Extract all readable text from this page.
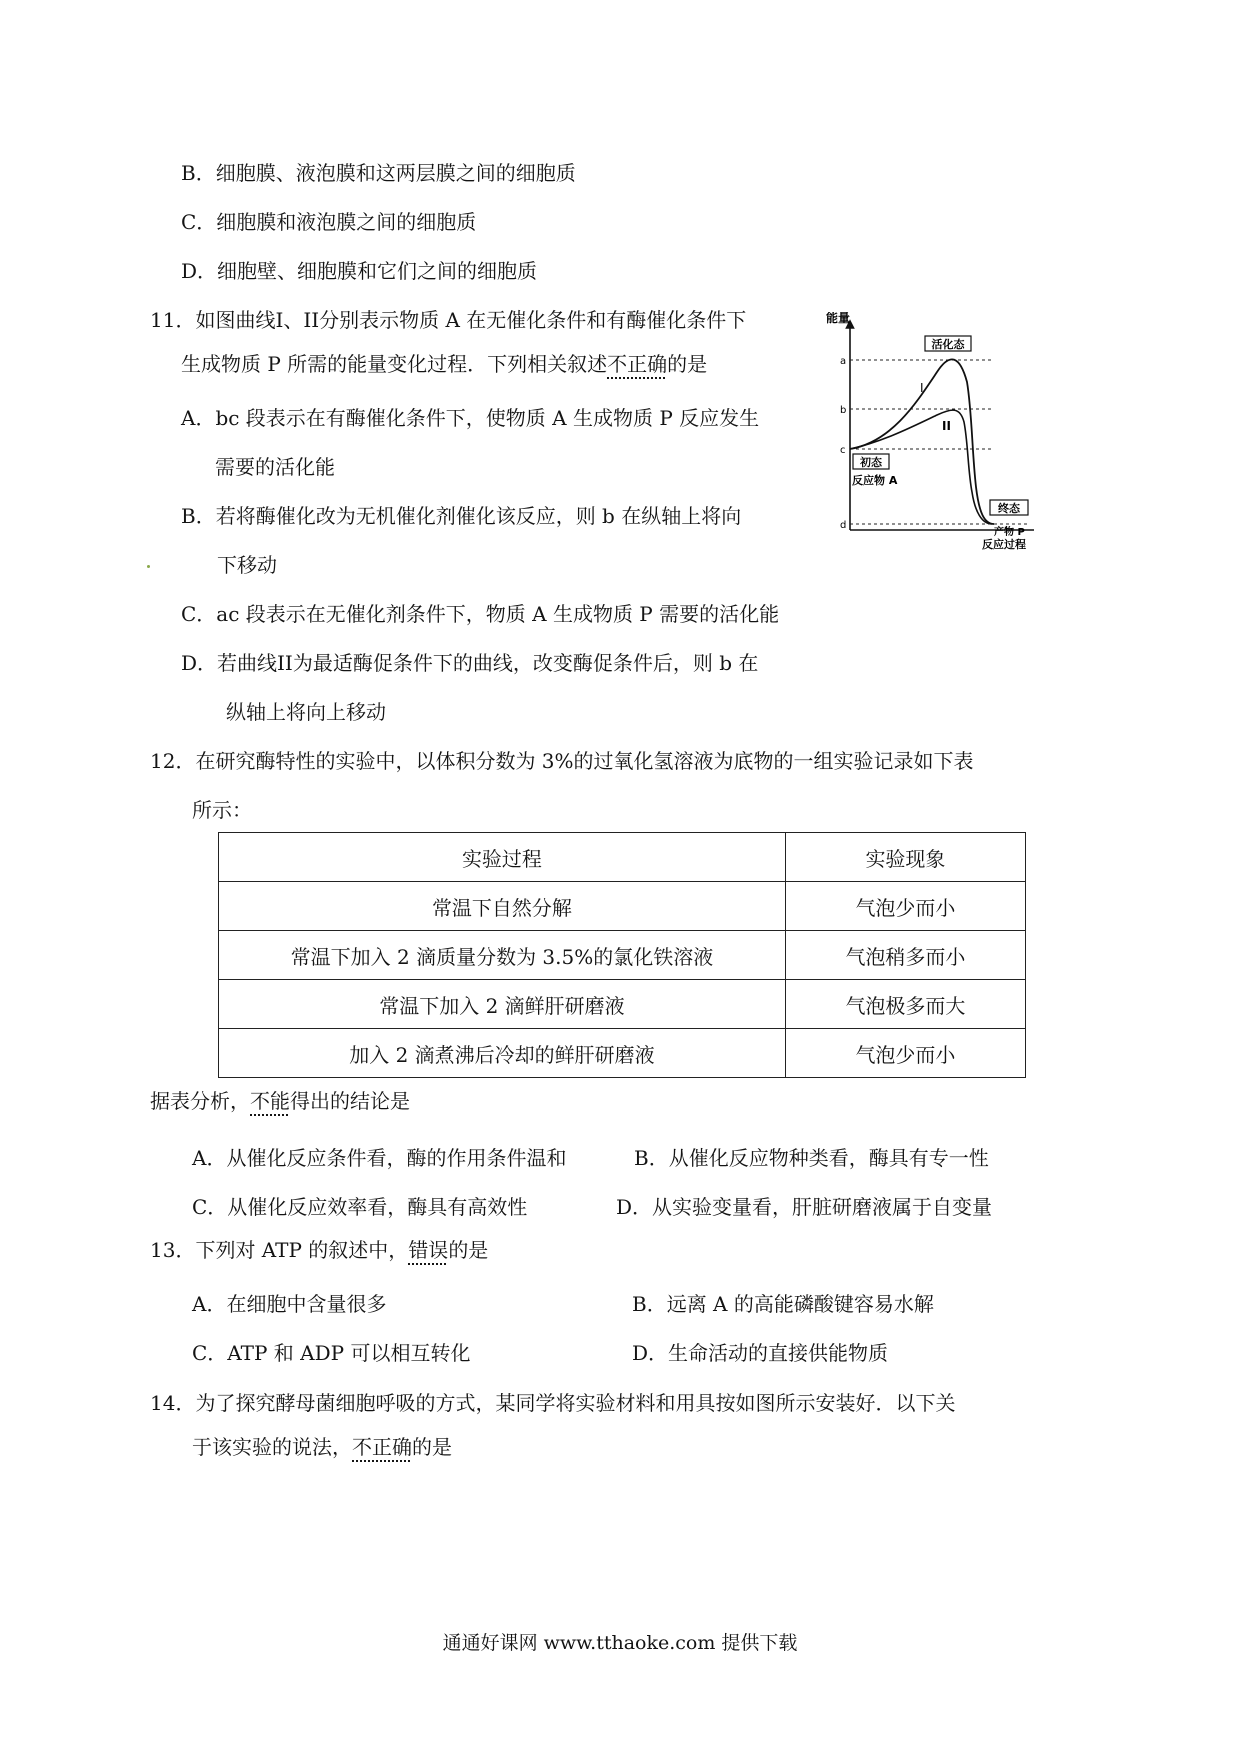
B．细胞膜、液泡膜和这两层膜之间的细胞质
C．细胞膜和液泡膜之间的细胞质
D．细胞壁、细胞膜和它们之间的细胞质
11．如图曲线I、II分别表示物质 A 在无催化条件和有酶催化条件下
生成物质 P 所需的能量变化过程．下列相关叙述不正确的是
A．bc 段表示在有酶催化条件下，使物质 A 生成物质 P 反应发生
需要的活化能
B．若将酶催化改为无机催化剂催化该反应，则 b 在纵轴上将向
下移动
C．ac 段表示在无催化剂条件下，物质 A 生成物质 P 需要的活化能
D．若曲线II为最适酶促条件下的曲线，改变酶促条件后，则 b 在
纵轴上将向上移动
能量
反应过程
a
b
c
d
I
II
活化态
初态
反应物 A
终态
产物 P
12．在研究酶特性的实验中，以体积分数为 3%的过氧化氢溶液为底物的一组实验记录如下表
所示：
实验过程	实验现象
常温下自然分解	气泡少而小
常温下加入 2 滴质量分数为 3.5%的氯化铁溶液	气泡稍多而小
常温下加入 2 滴鲜肝研磨液	气泡极多而大
加入 2 滴煮沸后冷却的鲜肝研磨液	气泡少而小
据表分析，不能得出的结论是
A．从催化反应条件看，酶的作用条件温和	B．从催化反应物种类看，酶具有专一性
C．从催化反应效率看，酶具有高效性	D．从实验变量看，肝脏研磨液属于自变量
13．下列对 ATP 的叙述中，错误的是
A．在细胞中含量很多	B．远离 A 的高能磷酸键容易水解
C．ATP 和 ADP 可以相互转化	D．生命活动的直接供能物质
14．为了探究酵母菌细胞呼吸的方式，某同学将实验材料和用具按如图所示安装好．以下关
于该实验的说法，不正确的是
通通好课网 www.tthaoke.com 提供下载
